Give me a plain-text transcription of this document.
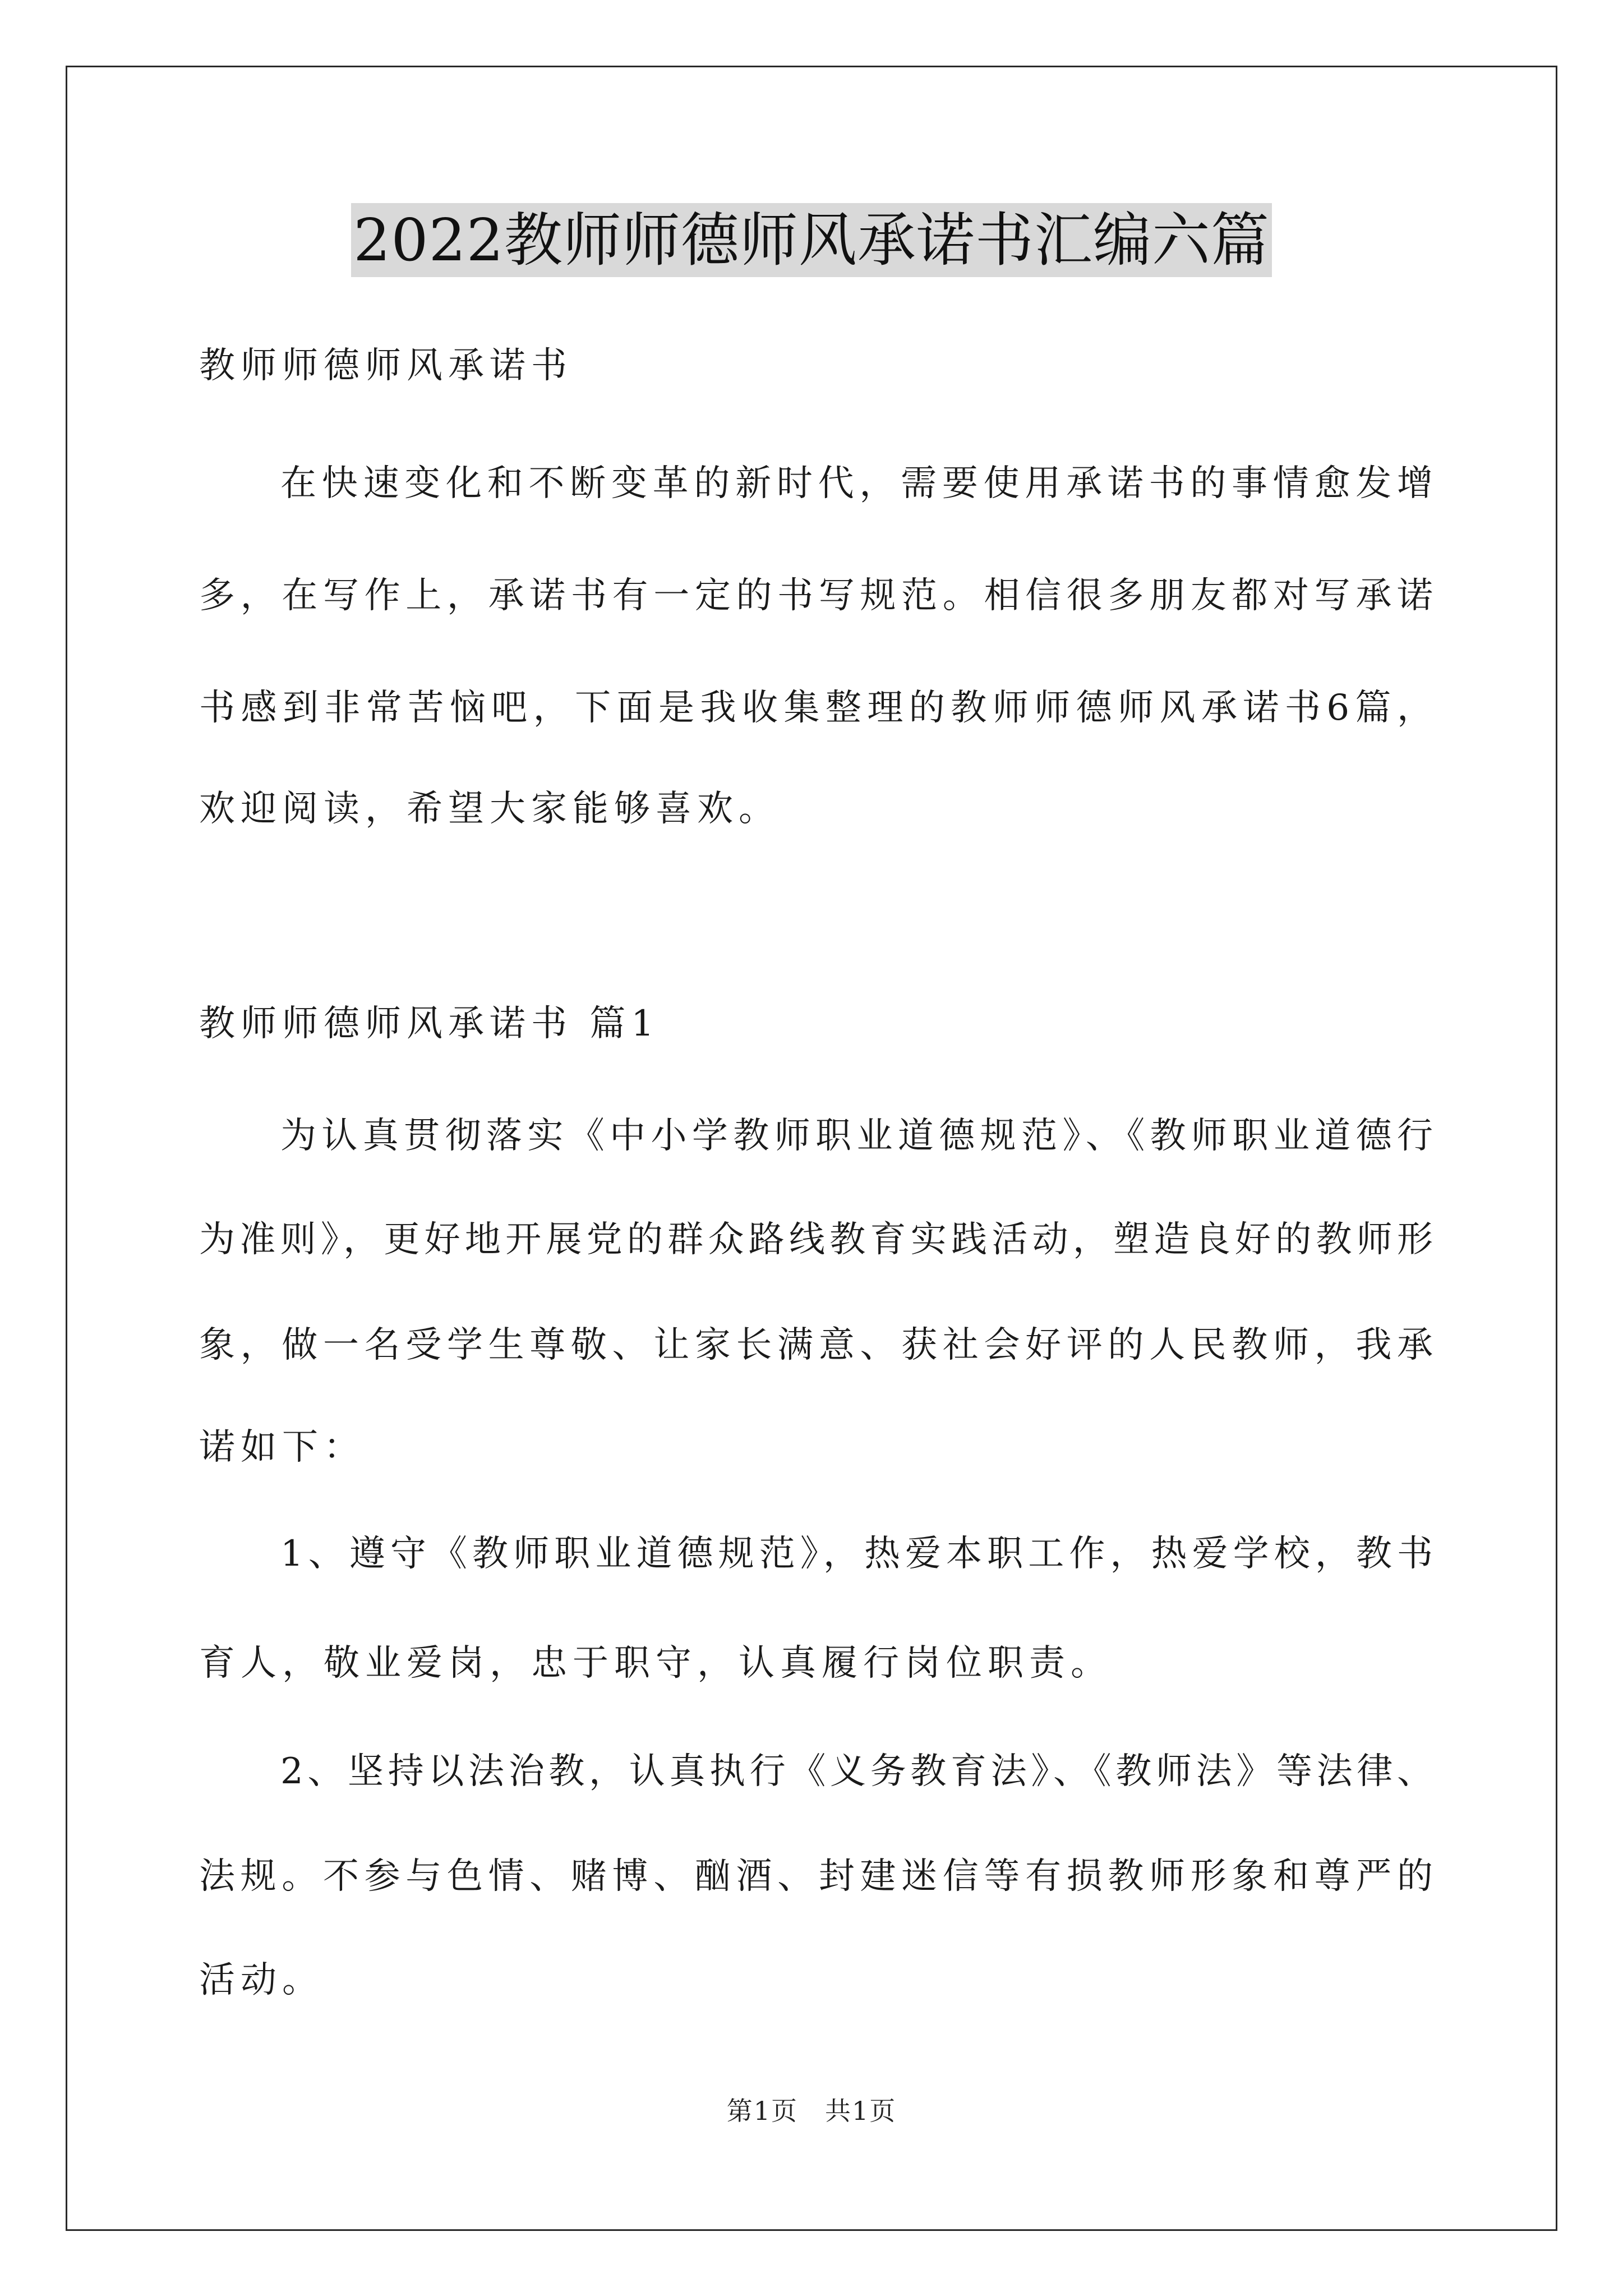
2022教师师德师风承诺书汇编六篇
教师师德师风承诺书
在快速变化和不断变革的新时代，需要使用承诺书的事情愈发增
多，在写作上，承诺书有一定的书写规范。相信很多朋友都对写承诺
书感到非常苦恼吧，下面是我收集整理的教师师德师风承诺书6篇，
欢迎阅读，希望大家能够喜欢。
教师师德师风承诺书 篇1
为认真贯彻落实《中小学教师职业道德规范》、《教师职业道德行
为准则》，更好地开展党的群众路线教育实践活动，塑造良好的教师形
象，做一名受学生尊敬、让家长满意、获社会好评的人民教师，我承
诺如下：
1、遵守《教师职业道德规范》，热爱本职工作，热爱学校，教书
育人，敬业爱岗，忠于职守，认真履行岗位职责。
2、坚持以法治教，认真执行《义务教育法》、《教师法》等法律、
法规。不参与色情、赌博、酗酒、封建迷信等有损教师形象和尊严的
活动。
第1页　共1页
